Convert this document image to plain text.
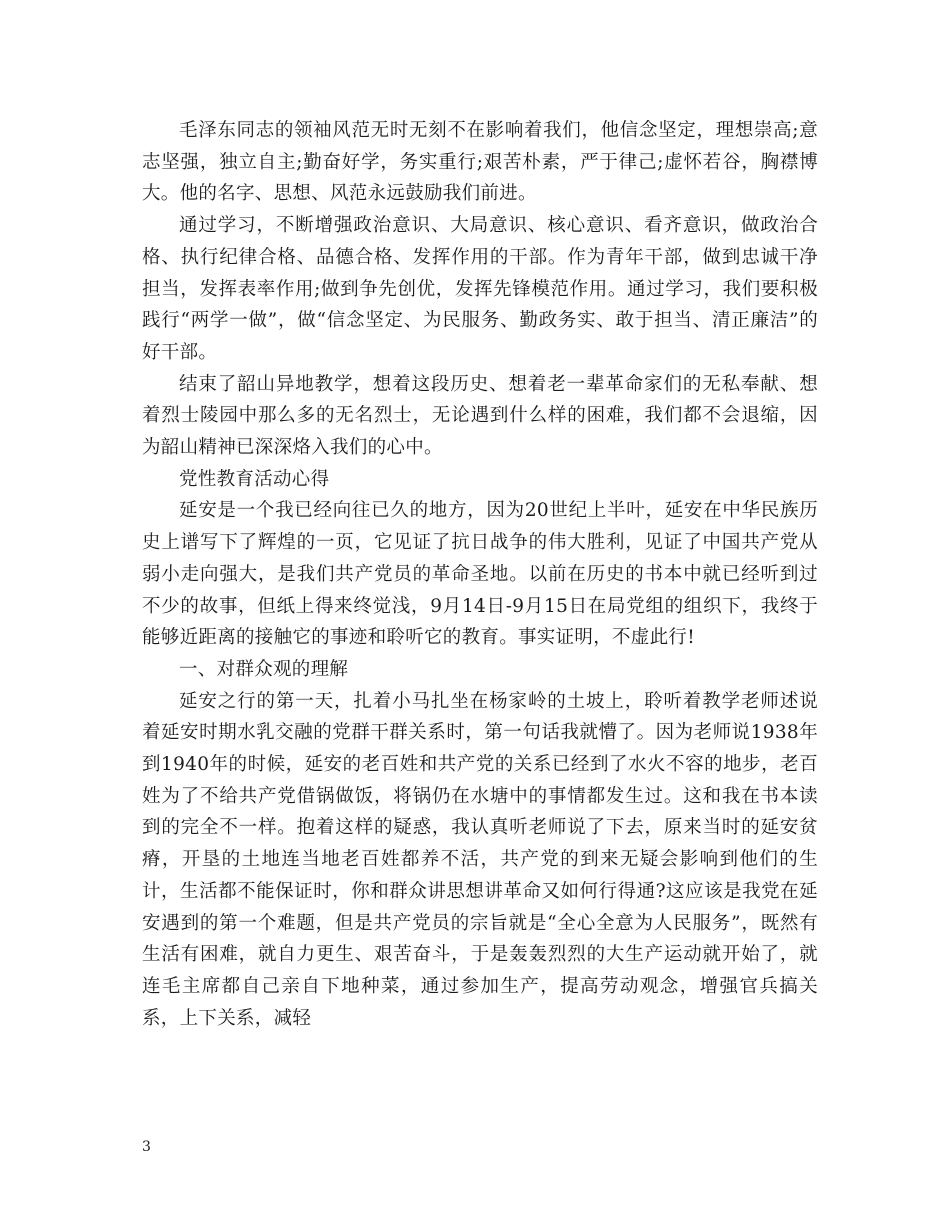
毛泽东同志的领袖风范无时无刻不在影响着我们，他信念坚定，理想崇高;意志坚强，独立自主;勤奋好学，务实重行;艰苦朴素，严于律己;虚怀若谷，胸襟博大。他的名字、思想、风范永远鼓励我们前进。

通过学习，不断增强政治意识、大局意识、核心意识、看齐意识，做政治合格、执行纪律合格、品德合格、发挥作用的干部。作为青年干部，做到忠诚干净担当，发挥表率作用;做到争先创优，发挥先锋模范作用。通过学习，我们要积极践行“两学一做”，做“信念坚定、为民服务、勤政务实、敢于担当、清正廉洁”的好干部。

结束了韶山异地教学，想着这段历史、想着老一辈革命家们的无私奉献、想着烈士陵园中那么多的无名烈士，无论遇到什么样的困难，我们都不会退缩，因为韶山精神已深深烙入我们的心中。

党性教育活动心得

延安是一个我已经向往已久的地方，因为20世纪上半叶，延安在中华民族历史上谱写下了辉煌的一页，它见证了抗日战争的伟大胜利，见证了中国共产党从弱小走向强大，是我们共产党员的革命圣地。以前在历史的书本中就已经听到过不少的故事，但纸上得来终觉浅，9月14日-9月15日在局党组的组织下，我终于能够近距离的接触它的事迹和聆听它的教育。事实证明，不虚此行!

一、对群众观的理解

延安之行的第一天，扎着小马扎坐在杨家岭的土坡上，聆听着教学老师述说着延安时期水乳交融的党群干群关系时，第一句话我就懵了。因为老师说1938年到1940年的时候，延安的老百姓和共产党的关系已经到了水火不容的地步，老百姓为了不给共产党借锅做饭，将锅仍在水塘中的事情都发生过。这和我在书本读到的完全不一样。抱着这样的疑惑，我认真听老师说了下去，原来当时的延安贫瘠，开垦的土地连当地老百姓都养不活，共产党的到来无疑会影响到他们的生计，生活都不能保证时，你和群众讲思想讲革命又如何行得通?这应该是我党在延安遇到的第一个难题，但是共产党员的宗旨就是“全心全意为人民服务”，既然有生活有困难，就自力更生、艰苦奋斗，于是轰轰烈烈的大生产运动就开始了，就连毛主席都自己亲自下地种菜，通过参加生产，提高劳动观念，增强官兵搞关系，上下关系，减轻

3
